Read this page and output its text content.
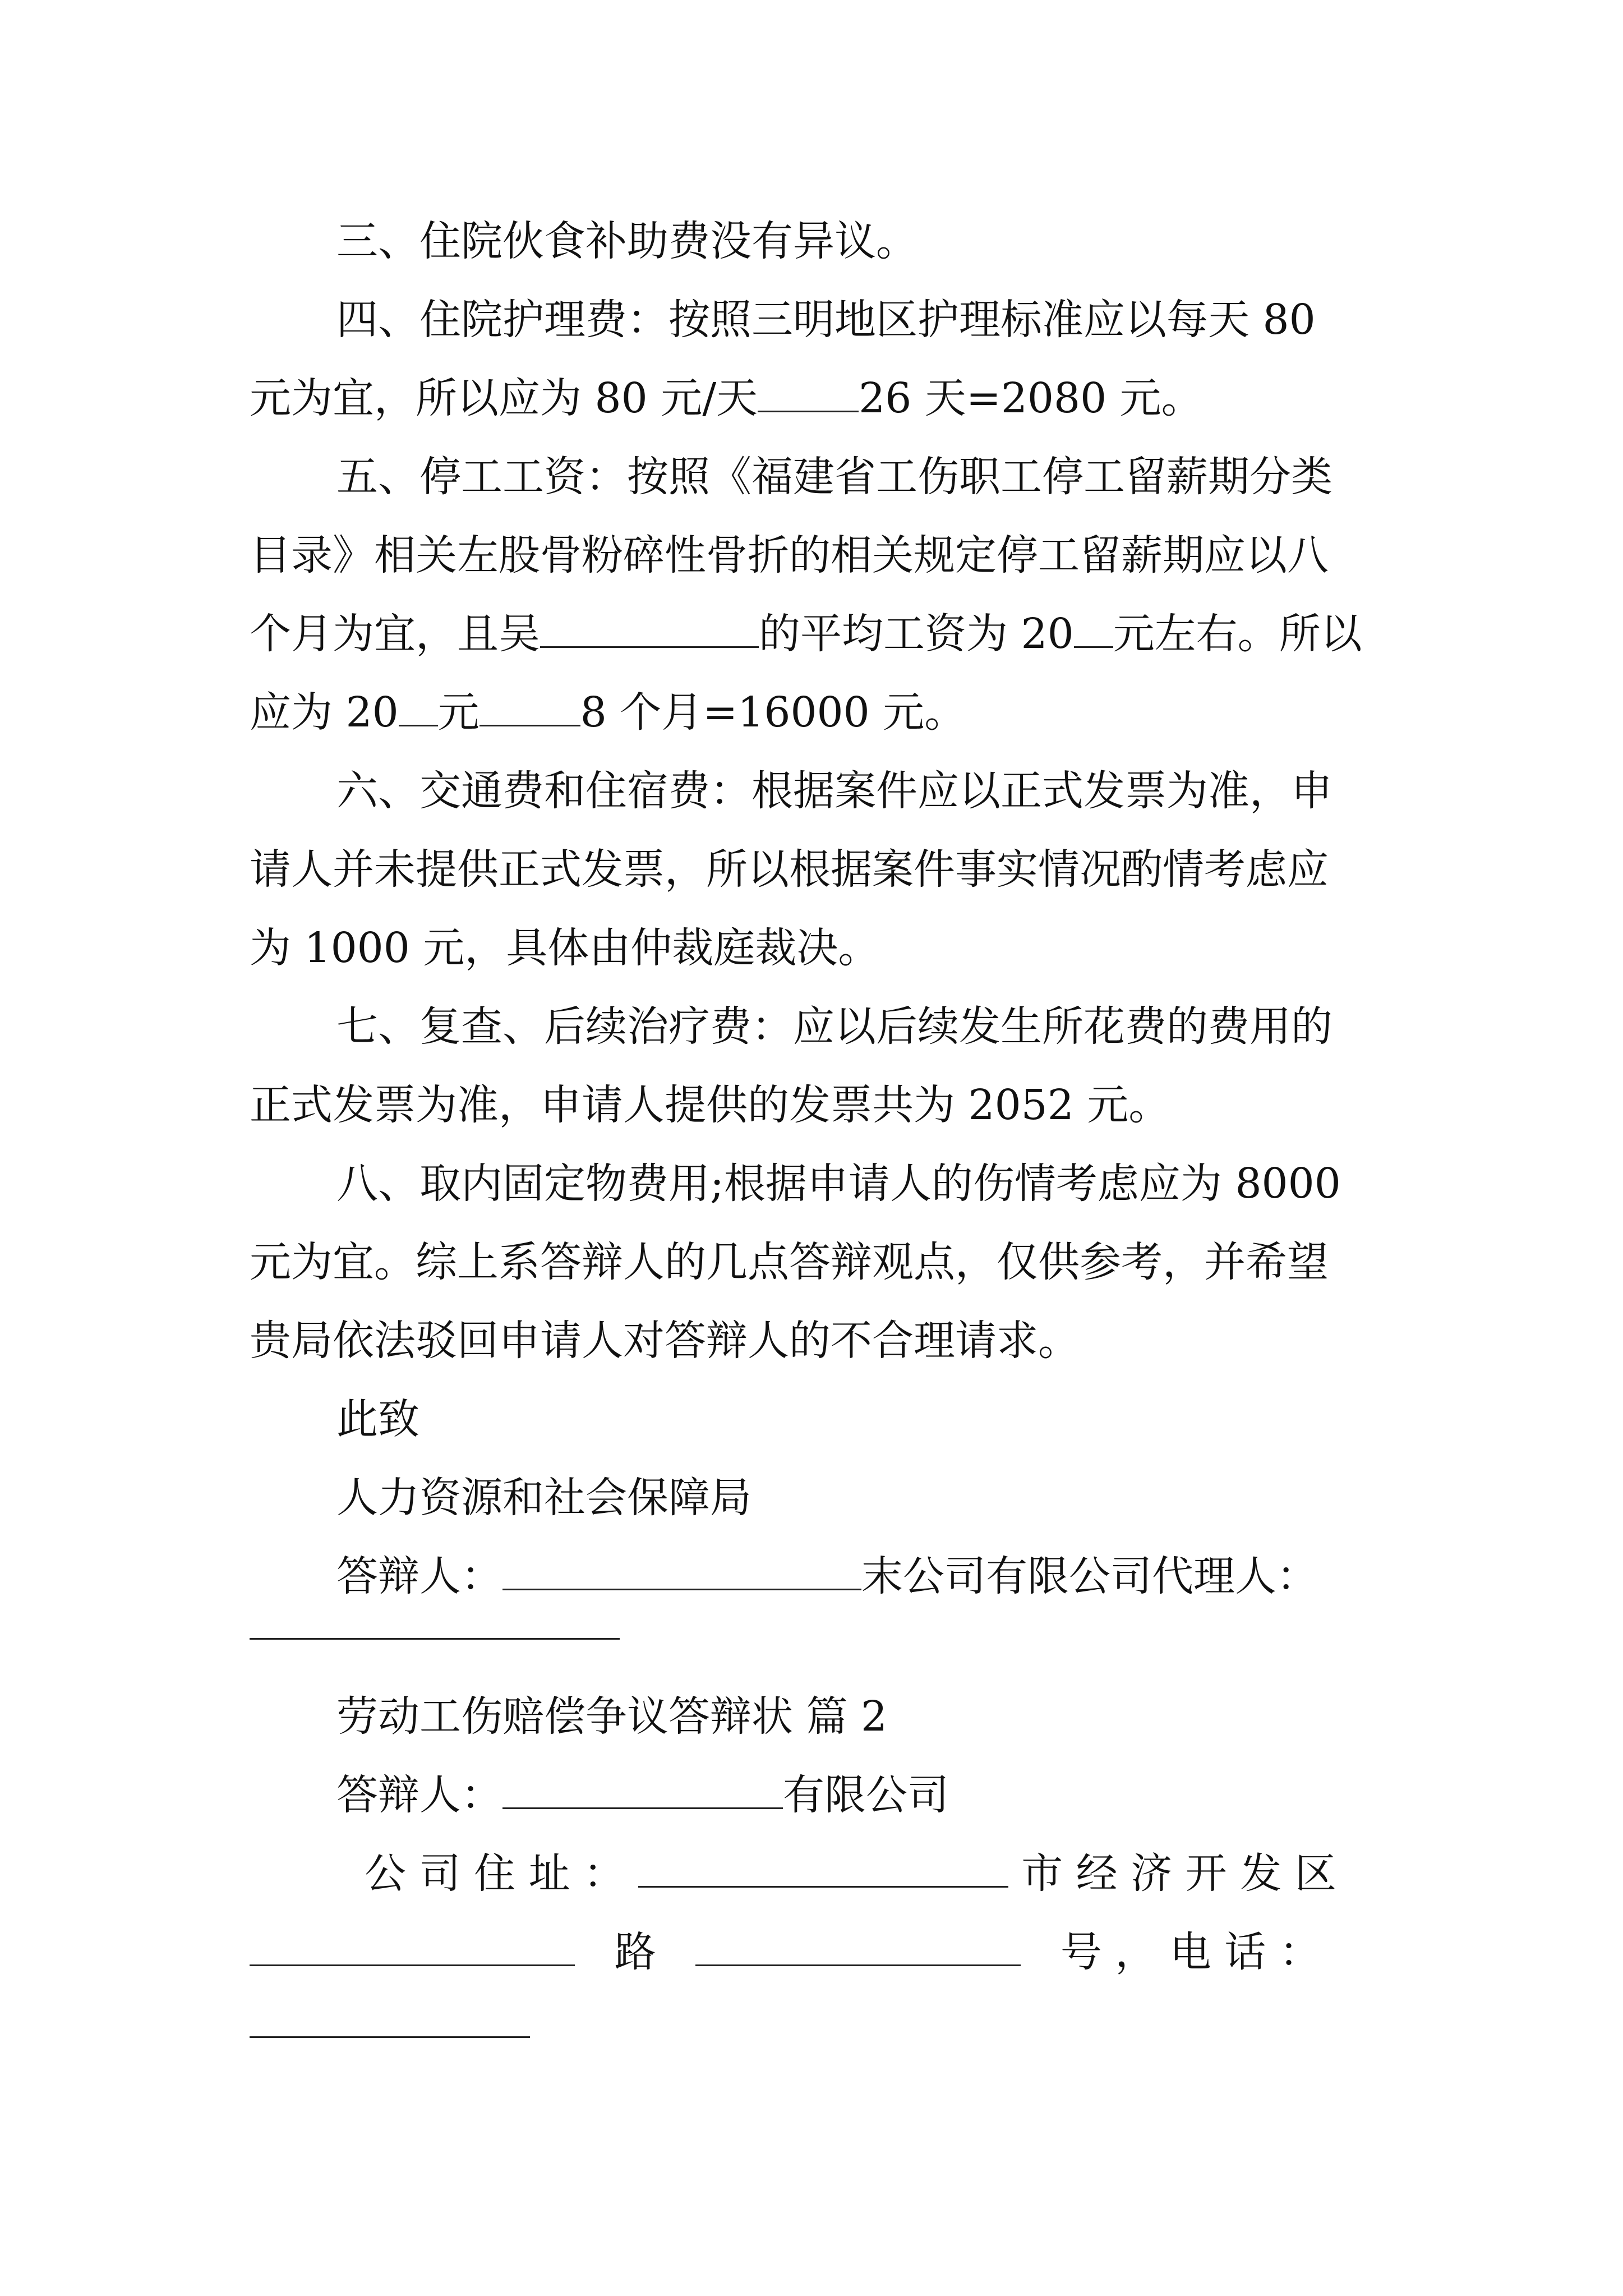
三、住院伙食补助费没有异议。
四、住院护理费：按照三明地区护理标准应以每天 80
元为宜，所以应为 80 元/天 26 天=2080 元。
五、停工工资：按照《福建省工伤职工停工留薪期分类
目录》相关左股骨粉碎性骨折的相关规定停工留薪期应以八
个月为宜，且吴	的平均工资为 20 元左右。所以
应为 20 元 8 个月=16000 元。
六、交通费和住宿费：根据案件应以正式发票为准，申
请人并未提供正式发票，所以根据案件事实情况酌情考虑应
为 1000 元，具体由仲裁庭裁决。
七、复查、后续治疗费：应以后续发生所花费的费用的
正式发票为准，申请人提供的发票共为 2052 元。
八、取内固定物费用;根据申请人的伤情考虑应为 8000
元为宜。综上系答辩人的几点答辩观点，仅供参考，并希望
贵局依法驳回申请人对答辩人的不合理请求。
此致
人力资源和社会保障局
答辩人：	末公司有限公司代理人：
劳动工伤赔偿争议答辩状 篇 2
答辩人：	有限公司
公 司 住 址 ：	市 经 济 开 发 区
路	号 ， 电 话 ：
